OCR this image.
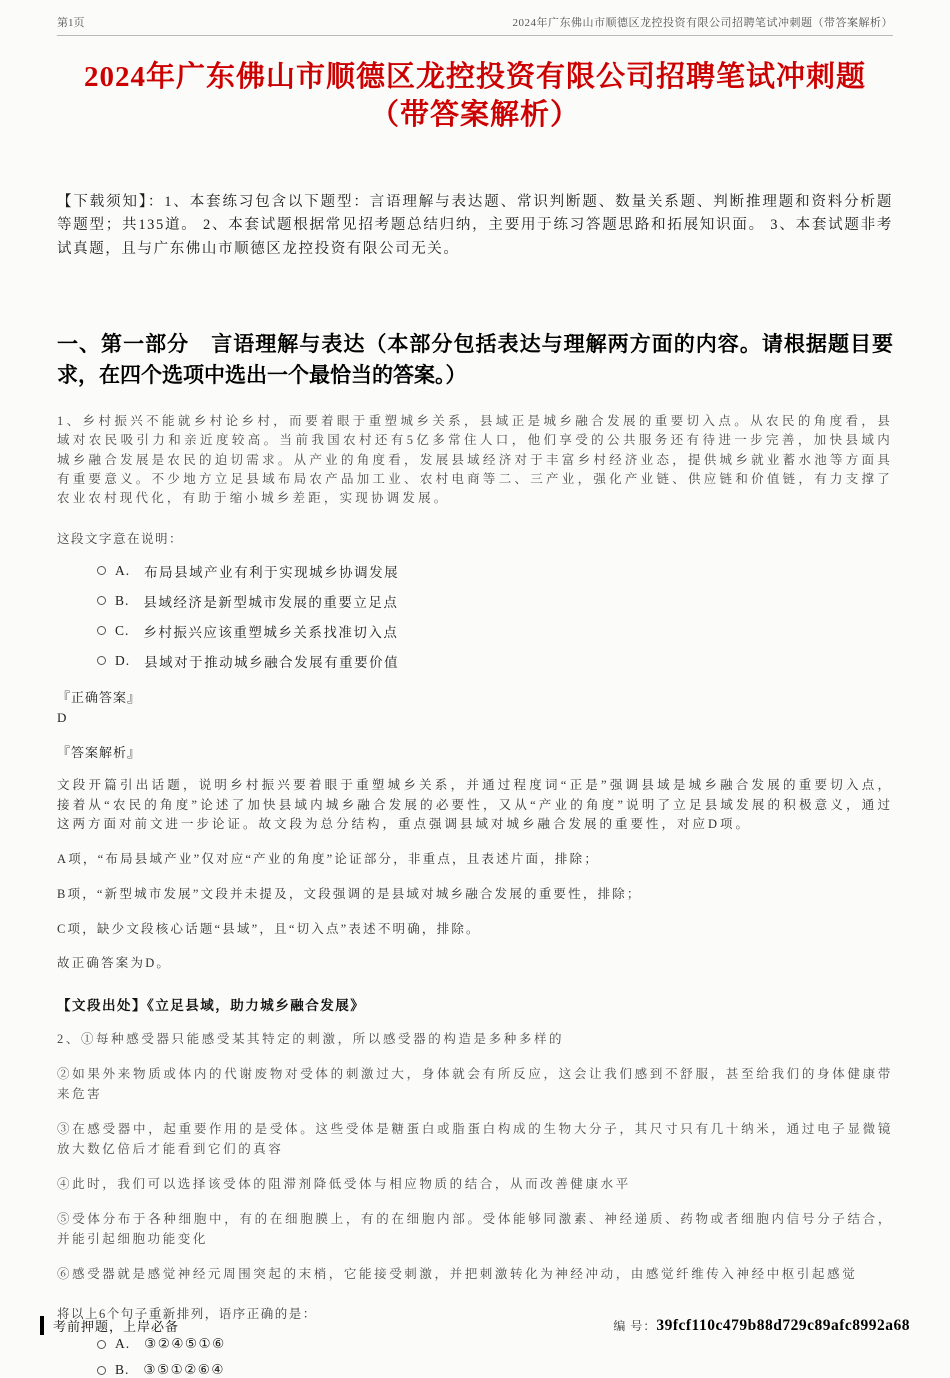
第1页	2024年广东佛山市顺德区龙控投资有限公司招聘笔试冲刺题（带答案解析）
2024年广东佛山市顺德区龙控投资有限公司招聘笔试冲刺题
（带答案解析）

【下载须知】：1、本套练习包含以下题型：言语理解与表达题、常识判断题、数量关系题、判断推理题和资料分析题等题型；共135道。 2、本套试题根据常见招考题总结归纳，主要用于练习答题思路和拓展知识面。 3、本套试题非考试真题，且与广东佛山市顺德区龙控投资有限公司无关。

一、第一部分　言语理解与表达（本部分包括表达与理解两方面的内容。请根据题目要求，在四个选项中选出一个最恰当的答案。）

1、乡村振兴不能就乡村论乡村，而要着眼于重塑城乡关系，县域正是城乡融合发展的重要切入点。从农民的角度看，县域对农民吸引力和亲近度较高。当前我国农村还有5亿多常住人口，他们享受的公共服务还有待进一步完善，加快县域内城乡融合发展是农民的迫切需求。从产业的角度看，发展县域经济对于丰富乡村经济业态，提供城乡就业蓄水池等方面具有重要意义。不少地方立足县域布局农产品加工业、农村电商等二、三产业，强化产业链、供应链和价值链，有力支撑了农业农村现代化，有助于缩小城乡差距，实现协调发展。

这段文字意在说明：

A. 布局县域产业有利于实现城乡协调发展
B. 县域经济是新型城市发展的重要立足点
C. 乡村振兴应该重塑城乡关系找准切入点
D. 县域对于推动城乡融合发展有重要价值

『正确答案』

D

『答案解析』

文段开篇引出话题，说明乡村振兴要着眼于重塑城乡关系，并通过程度词“正是”强调县域是城乡融合发展的重要切入点，接着从“农民的角度”论述了加快县域内城乡融合发展的必要性，又从“产业的角度”说明了立足县域发展的积极意义，通过这两方面对前文进一步论证。故文段为总分结构，重点强调县域对城乡融合发展的重要性，对应D项。

A项，“布局县域产业”仅对应“产业的角度”论证部分，非重点，且表述片面，排除；

B项，“新型城市发展”文段并未提及，文段强调的是县域对城乡融合发展的重要性，排除；

C项，缺少文段核心话题“县域”，且“切入点”表述不明确，排除。

故正确答案为D。

【文段出处】《立足县域，助力城乡融合发展》

2、①每种感受器只能感受某其特定的刺激，所以感受器的构造是多种多样的

②如果外来物质或体内的代谢废物对受体的刺激过大，身体就会有所反应，这会让我们感到不舒服，甚至给我们的身体健康带来危害

③在感受器中，起重要作用的是受体。这些受体是糖蛋白或脂蛋白构成的生物大分子，其尺寸只有几十纳米，通过电子显微镜放大数亿倍后才能看到它们的真容

④此时，我们可以选择该受体的阻滞剂降低受体与相应物质的结合，从而改善健康水平

⑤受体分布于各种细胞中，有的在细胞膜上，有的在细胞内部。受体能够同激素、神经递质、药物或者细胞内信号分子结合，并能引起细胞功能变化

⑥感受器就是感觉神经元周围突起的末梢，它能接受刺激，并把刺激转化为神经冲动，由感觉纤维传入神经中枢引起感觉

将以上6个句子重新排列，语序正确的是：

A. ③②④⑤①⑥
B. ③⑤①②⑥④
考前押题，上岸必备	编 号： 39fcf110c479b88d729c89afc8992a68
